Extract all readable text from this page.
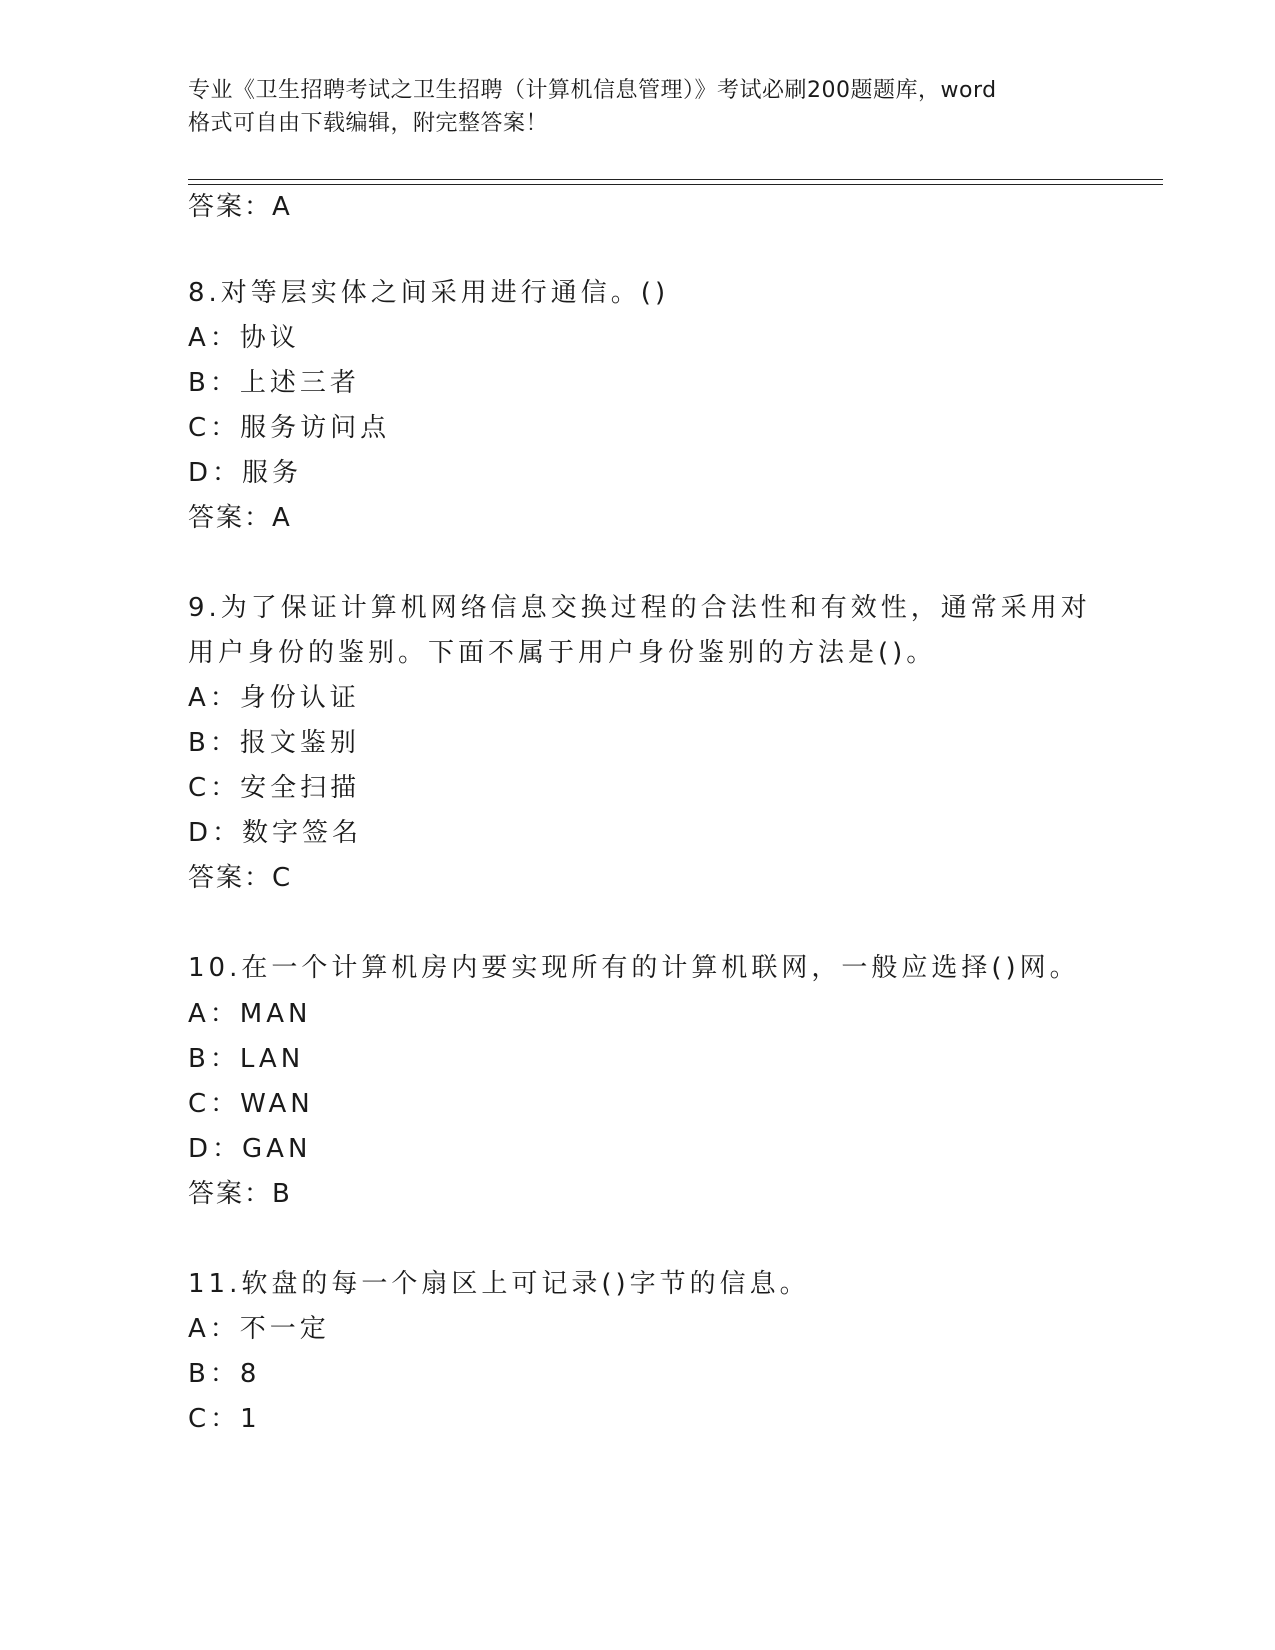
专业《卫生招聘考试之卫生招聘（计算机信息管理）》考试必刷200题题库，word
格式可自由下载编辑，附完整答案！
答案：A
8.对等层实体之间采用进行通信。()
A：协议
B：上述三者
C：服务访问点
D：服务
答案：A
9.为了保证计算机网络信息交换过程的合法性和有效性，通常采用对
用户身份的鉴别。下面不属于用户身份鉴别的方法是()。
A：身份认证
B：报文鉴别
C：安全扫描
D：数字签名
答案：C
10.在一个计算机房内要实现所有的计算机联网，一般应选择()网。
A：MAN
B：LAN
C：WAN
D：GAN
答案：B
11.软盘的每一个扇区上可记录()字节的信息。
A：不一定
B：8
C：1
